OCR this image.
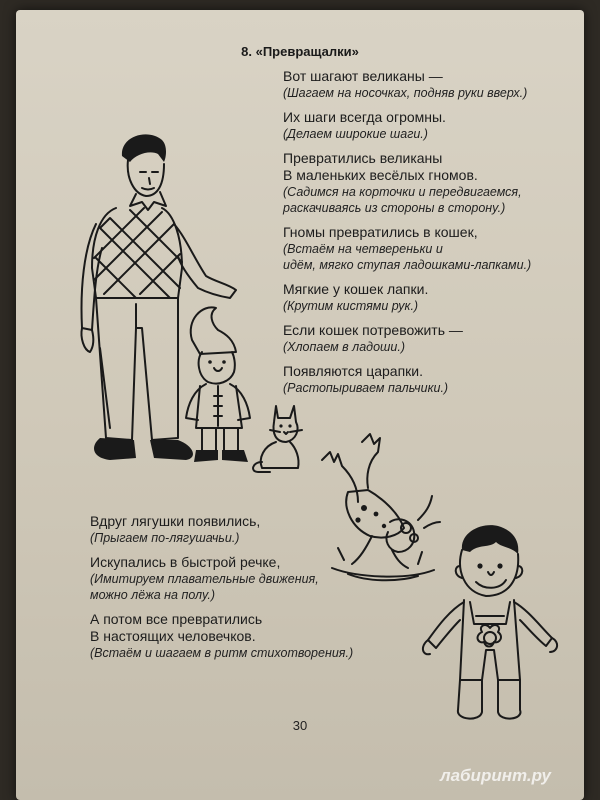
8. «Превращалки»
Вот шагают великаны —
(Шагаем на носочках, подняв руки вверх.)
Их шаги всегда огромны.
(Делаем широкие шаги.)
Превратились великаны
В маленьких весёлых гномов.
(Садимся на корточки и передвигаемся,
раскачиваясь из стороны в сторону.)
Гномы превратились в кошек,
(Встаём на четвереньки и
идём, мягко ступая ладошками-лапками.)
Мягкие у кошек лапки.
(Крутим кистями рук.)
Если кошек потревожить —
(Хлопаем в ладоши.)
Появляются царапки.
(Растопыриваем пальчики.)
Вдруг лягушки появились,
(Прыгаем по-лягушачьи.)
Искупались в быстрой речке,
(Имитируем плавательные движения,
можно лёжа на полу.)
А потом все превратились
В настоящих человечков.
(Встаём и шагаем в ритм стихотворения.)
30
лабиринт.ру
